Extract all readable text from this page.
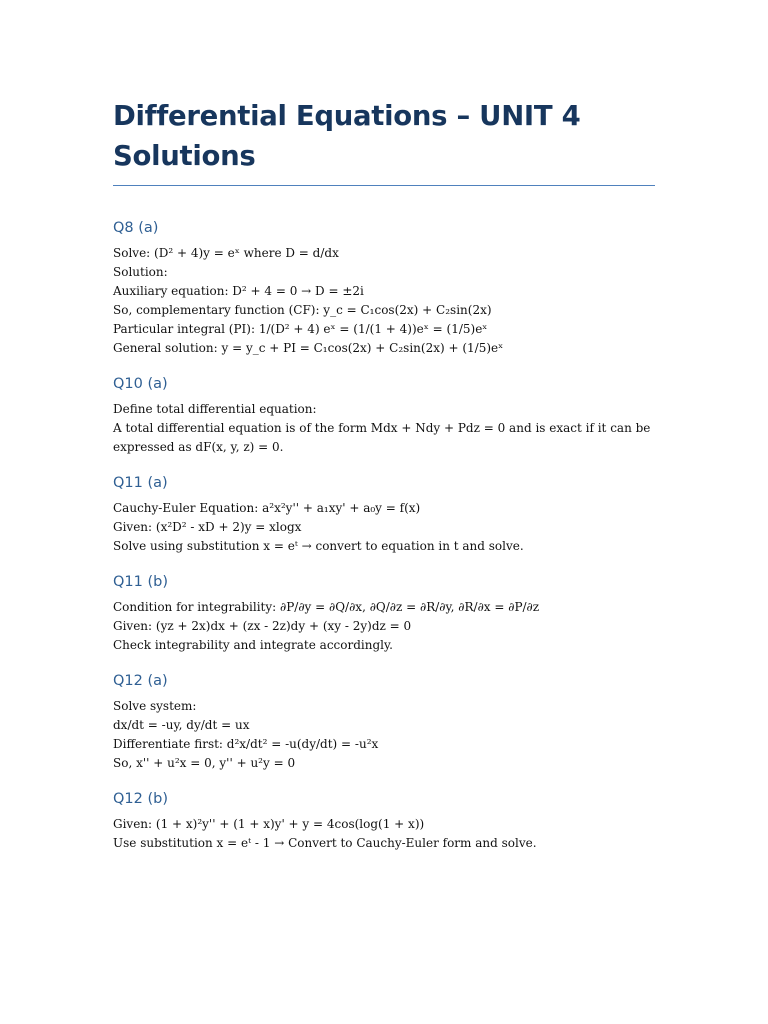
Differential Equations – UNIT 4
Solutions
Q8 (a)

Solve: (D² + 4)y = eˣ where D = d/dx

Solution:

Auxiliary equation: D² + 4 = 0 → D = ±2i

So, complementary function (CF): y_c = C₁cos(2x) + C₂sin(2x)

Particular integral (PI): 1/(D² + 4) eˣ = (1/(1 + 4))eˣ = (1/5)eˣ

General solution: y = y_c + PI = C₁cos(2x) + C₂sin(2x) + (1/5)eˣ

Q10 (a)

Define total differential equation:

A total differential equation is of the form Mdx + Ndy + Pdz = 0 and is exact if it can be

expressed as dF(x, y, z) = 0.

Q11 (a)

Cauchy-Euler Equation: a²x²y'' + a₁xy' + a₀y = f(x)

Given: (x²D² - xD + 2)y = xlogx

Solve using substitution x = eᵗ → convert to equation in t and solve.

Q11 (b)

Condition for integrability: ∂P/∂y = ∂Q/∂x, ∂Q/∂z = ∂R/∂y, ∂R/∂x = ∂P/∂z

Given: (yz + 2x)dx + (zx - 2z)dy + (xy - 2y)dz = 0

Check integrability and integrate accordingly.

Q12 (a)

Solve system:

dx/dt = -uy, dy/dt = ux

Differentiate first: d²x/dt² = -u(dy/dt) = -u²x

So, x'' + u²x = 0, y'' + u²y = 0

Q12 (b)

Given: (1 + x)²y'' + (1 + x)y' + y = 4cos(log(1 + x))

Use substitution x = eᵗ - 1 → Convert to Cauchy-Euler form and solve.
